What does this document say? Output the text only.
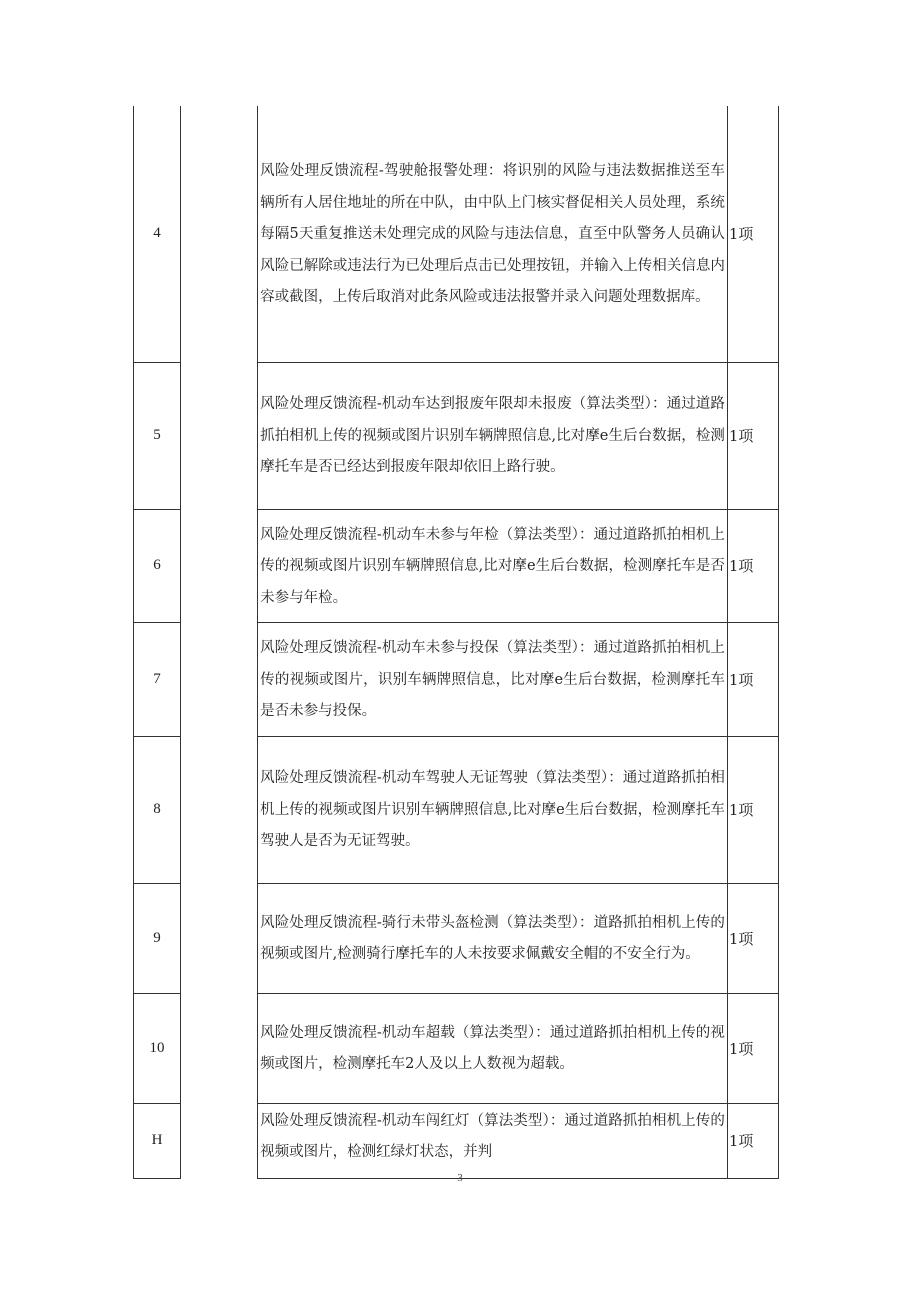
4		风险处理反馈流程-驾驶舱报警处理：将识别的风险与违法数据推送至车辆所有人居住地址的所在中队，由中队上门核实督促相关人员处理，系统每隔5天重复推送未处理完成的风险与违法信息，直至中队警务人员确认风险已解除或违法行为已处理后点击已处理按钮，并输入上传相关信息内容或截图，上传后取消对此条风险或违法报警并录入问题处理数据库。	1项
5		风险处理反馈流程-机动车达到报废年限却未报废（算法类型）：通过道路抓拍相机上传的视频或图片识别车辆牌照信息,比对摩e生后台数据，检测摩托车是否已经达到报废年限却依旧上路行驶。	1项
6		风险处理反馈流程-机动车未参与年检（算法类型）：通过道路抓拍相机上传的视频或图片识别车辆牌照信息,比对摩e生后台数据，检测摩托车是否未参与年检。	1项
7		风险处理反馈流程-机动车未参与投保（算法类型）：通过道路抓拍相机上传的视频或图片，识别车辆牌照信息，比对摩e生后台数据，检测摩托车是否未参与投保。	1项
8		风险处理反馈流程-机动车驾驶人无证驾驶（算法类型）：通过道路抓拍相机上传的视频或图片识别车辆牌照信息,比对摩e生后台数据，检测摩托车驾驶人是否为无证驾驶。	1项
9		风险处理反馈流程-骑行未带头盔检测（算法类型）：道路抓拍相机上传的视频或图片,检测骑行摩托车的人未按要求佩戴安全帽的不安全行为。	1项
10		风险处理反馈流程-机动车超载（算法类型）：通过道路抓拍相机上传的视频或图片，检测摩托车2人及以上人数视为超载。	1项
H		风险处理反馈流程-机动车闯红灯（算法类型）：通过道路抓拍相机上传的视频或图片，检测红绿灯状态，并判	1项
3
